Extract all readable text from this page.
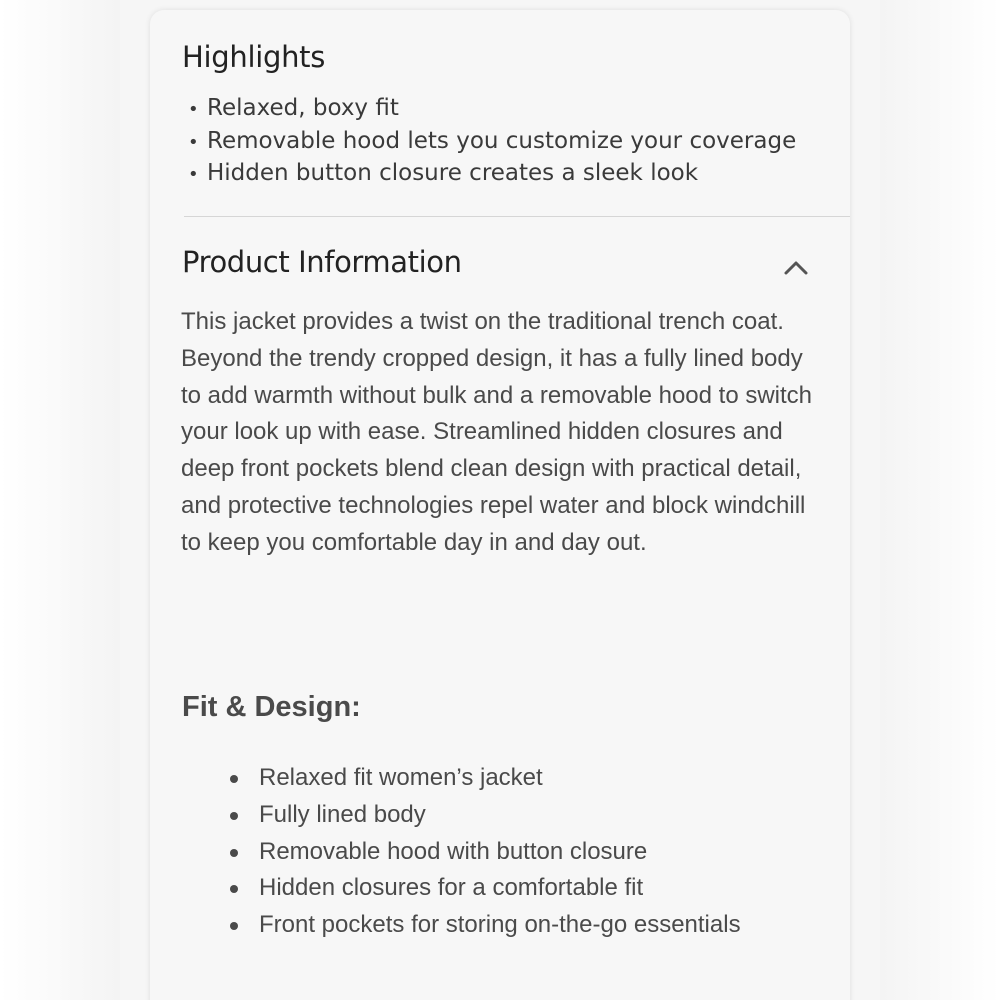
Highlights
• Relaxed, boxy fit
• Removable hood lets you customize your coverage
• Hidden button closure creates a sleek look
Product Information

This jacket provides a twist on the traditional trench coat. Beyond the trendy cropped design, it has a fully lined body to add warmth without bulk and a removable hood to switch your look up with ease. Streamlined hidden closures and deep front pockets blend clean design with practical detail, and protective technologies repel water and block windchill to keep you comfortable day in and day out.

Fit & Design:
Relaxed fit women’s jacket
Fully lined body
Removable hood with button closure
Hidden closures for a comfortable fit
Front pockets for storing on-the-go essentials
